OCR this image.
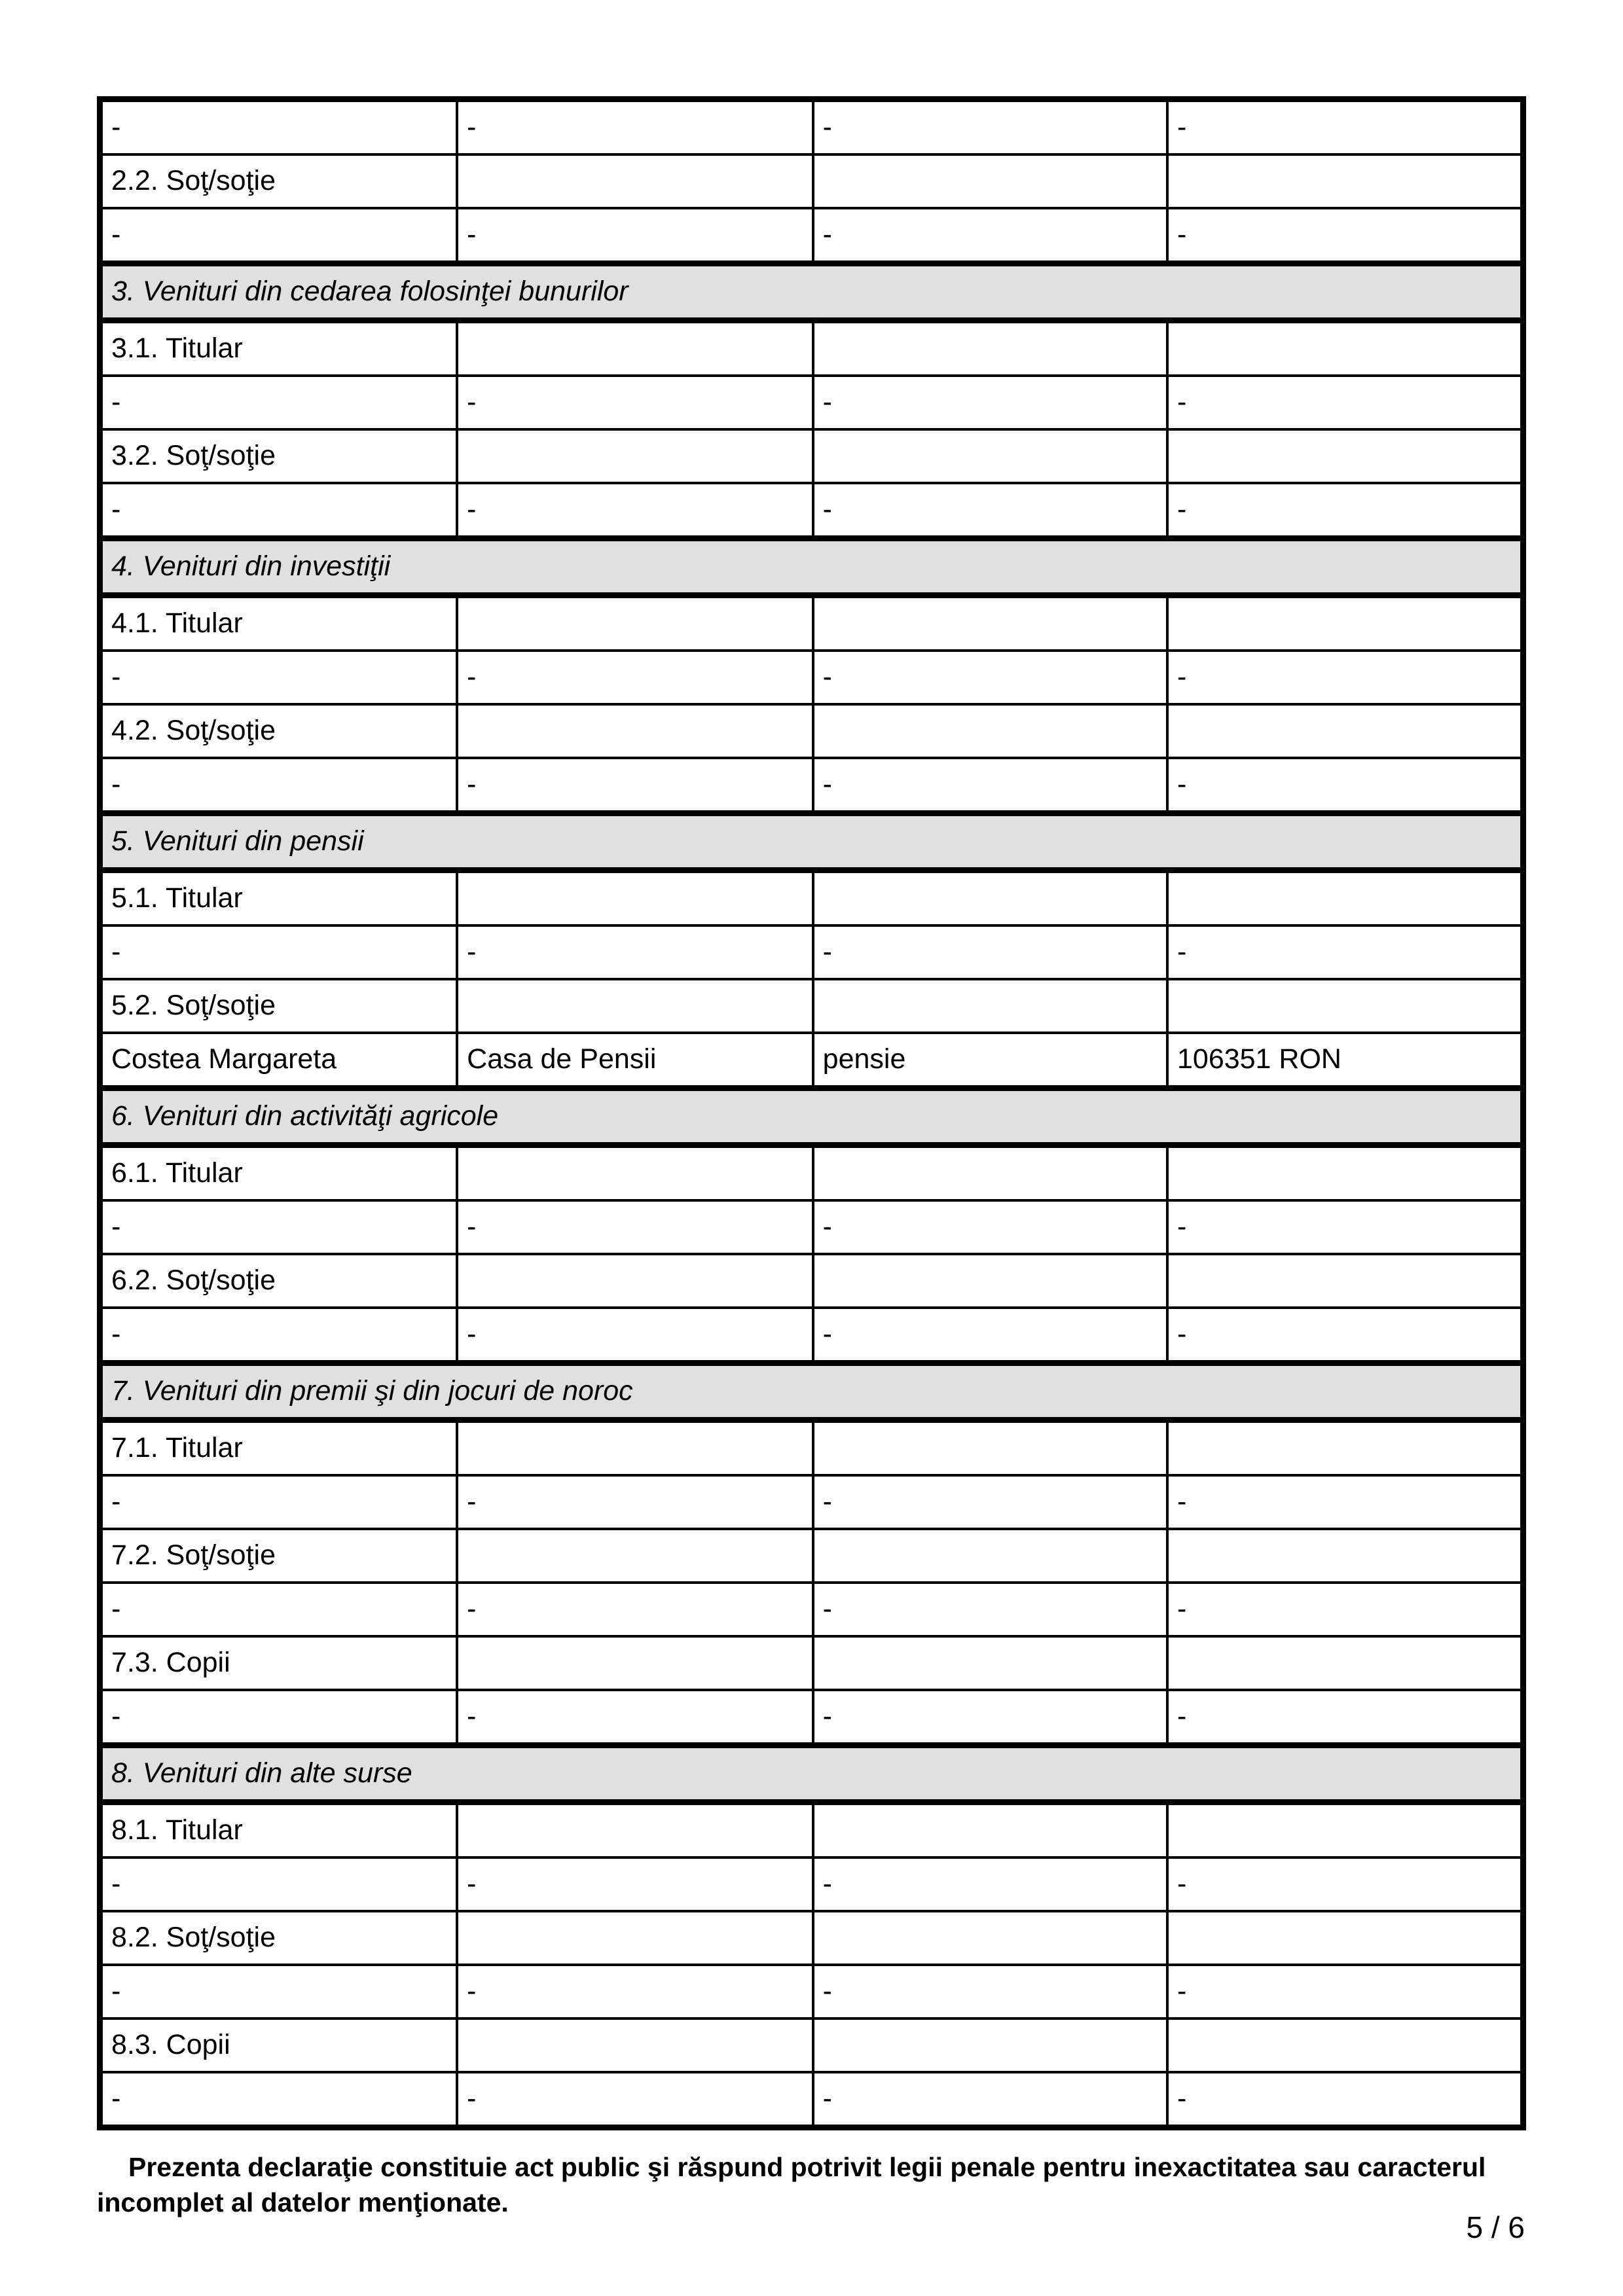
-	-	-	-
2.2. Soţ/soţie			
-	-	-	-
3. Venituri din cedarea folosinţei bunurilor			
3.1. Titular			
-	-	-	-
3.2. Soţ/soţie			
-	-	-	-
4. Venituri din investiţii			
4.1. Titular			
-	-	-	-
4.2. Soţ/soţie			
-	-	-	-
5. Venituri din pensii			
5.1. Titular			
-	-	-	-
5.2. Soţ/soţie			
Costea Margareta	Casa de Pensii	pensie	106351 RON
6. Venituri din activităţi agricole			
6.1. Titular			
-	-	-	-
6.2. Soţ/soţie			
-	-	-	-
7. Venituri din premii şi din jocuri de noroc			
7.1. Titular			
-	-	-	-
7.2. Soţ/soţie			
-	-	-	-
7.3. Copii			
-	-	-	-
8. Venituri din alte surse			
8.1. Titular			
-	-	-	-
8.2. Soţ/soţie			
-	-	-	-
8.3. Copii			
-	-	-	-

Prezenta declaraţie constituie act public şi răspund potrivit legii penale pentru inexactitatea sau caracterul incomplet al datelor menţionate.

5 / 6
